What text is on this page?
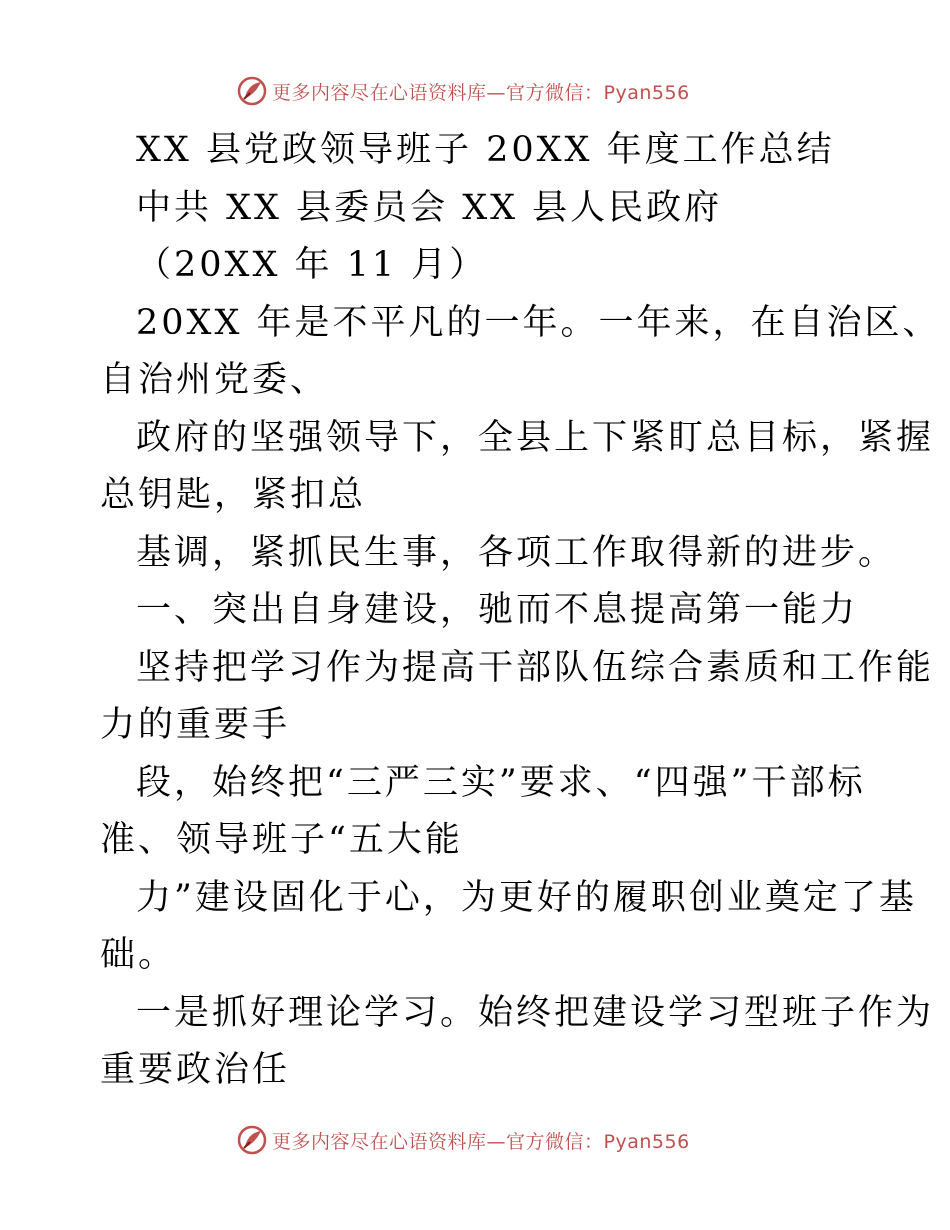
更多内容尽在心语资料库—官方微信：Pyan556
XX 县党政领导班子 20XX 年度工作总结
中共 XX 县委员会 XX 县人民政府
（20XX 年 11 月）
20XX 年是不平凡的一年。一年来，在自治区、
自治州党委、
政府的坚强领导下，全县上下紧盯总目标，紧握
总钥匙，紧扣总
基调，紧抓民生事，各项工作取得新的进步。
一、突出自身建设，驰而不息提高第一能力
坚持把学习作为提高干部队伍综合素质和工作能
力的重要手
段，始终把“三严三实”要求、“四强”干部标
准、领导班子“五大能
力”建设固化于心，为更好的履职创业奠定了基
础。
一是抓好理论学习。始终把建设学习型班子作为
重要政治任
更多内容尽在心语资料库—官方微信：Pyan556
